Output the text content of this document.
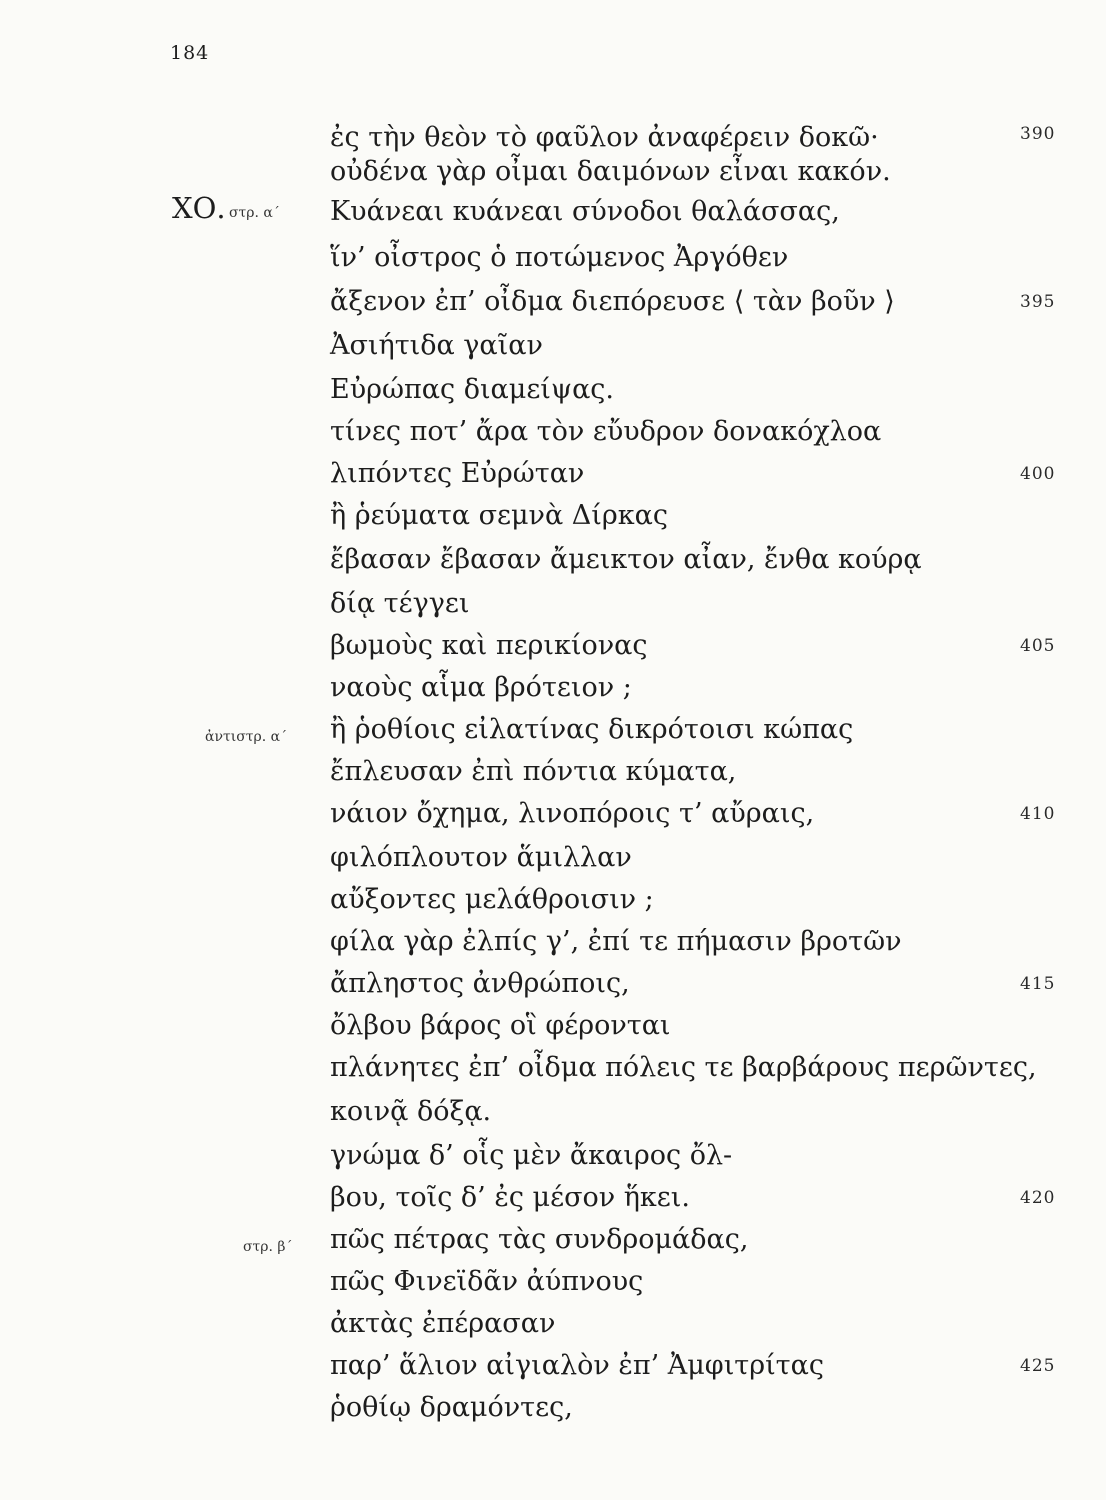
184
ΧΟ. στρ. α΄
ἀντιστρ. α΄
στρ. β΄
ἐς τὴν θεὸν τὸ φαῦλον ἀναφέρειν δοκῶ·
οὐδένα γὰρ οἶμαι δαιμόνων εἶναι κακόν.
Κυάνεαι κυάνεαι σύνοδοι θαλάσσας,
ἵν’ οἶστρος ὁ ποτώμενος Ἀργόθεν
ἄξενον ἐπ’ οἶδμα διεπόρευσε ⟨ τὰν βοῦν ⟩
Ἀσιήτιδα γαῖαν
Εὐρώπας διαμείψας.
τίνες ποτ’ ἄρα τὸν εὔυδρον δονακόχλοα
λιπόντες Εὐρώταν
ἢ ῥεύματα σεμνὰ Δίρκας
ἔβασαν ἔβασαν ἄμεικτον αἶαν, ἔνθα κούρᾳ
δίᾳ τέγγει
βωμοὺς καὶ περικίονας
ναοὺς αἷμα βρότειον ;
ἢ ῥοθίοις εἰλατίνας δικρότοισι κώπας
ἔπλευσαν ἐπὶ πόντια κύματα,
νάιον ὄχημα, λινοπόροις τ’ αὔραις,
φιλόπλουτον ἅμιλλαν
αὔξοντες μελάθροισιν ;
φίλα γὰρ ἐλπίς γ’, ἐπί τε πήμασιν βροτῶν
ἄπληστος ἀνθρώποις,
ὄλβου βάρος οἳ φέρονται
πλάνητες ἐπ’ οἶδμα πόλεις τε βαρβάρους περῶντες,
κοινᾷ δόξᾳ.
γνώμα δ’ οἷς μὲν ἄκαιρος ὄλ-
βου, τοῖς δ’ ἐς μέσον ἥκει.
πῶς πέτρας τὰς συνδρομάδας,
πῶς Φινεϊδᾶν ἀύπνους
ἀκτὰς ἐπέρασαν
παρ’ ἅλιον αἰγιαλὸν ἐπ’ Ἀμφιτρίτας
ῥοθίῳ δραμόντες,
390
395
400
405
410
415
420
425
